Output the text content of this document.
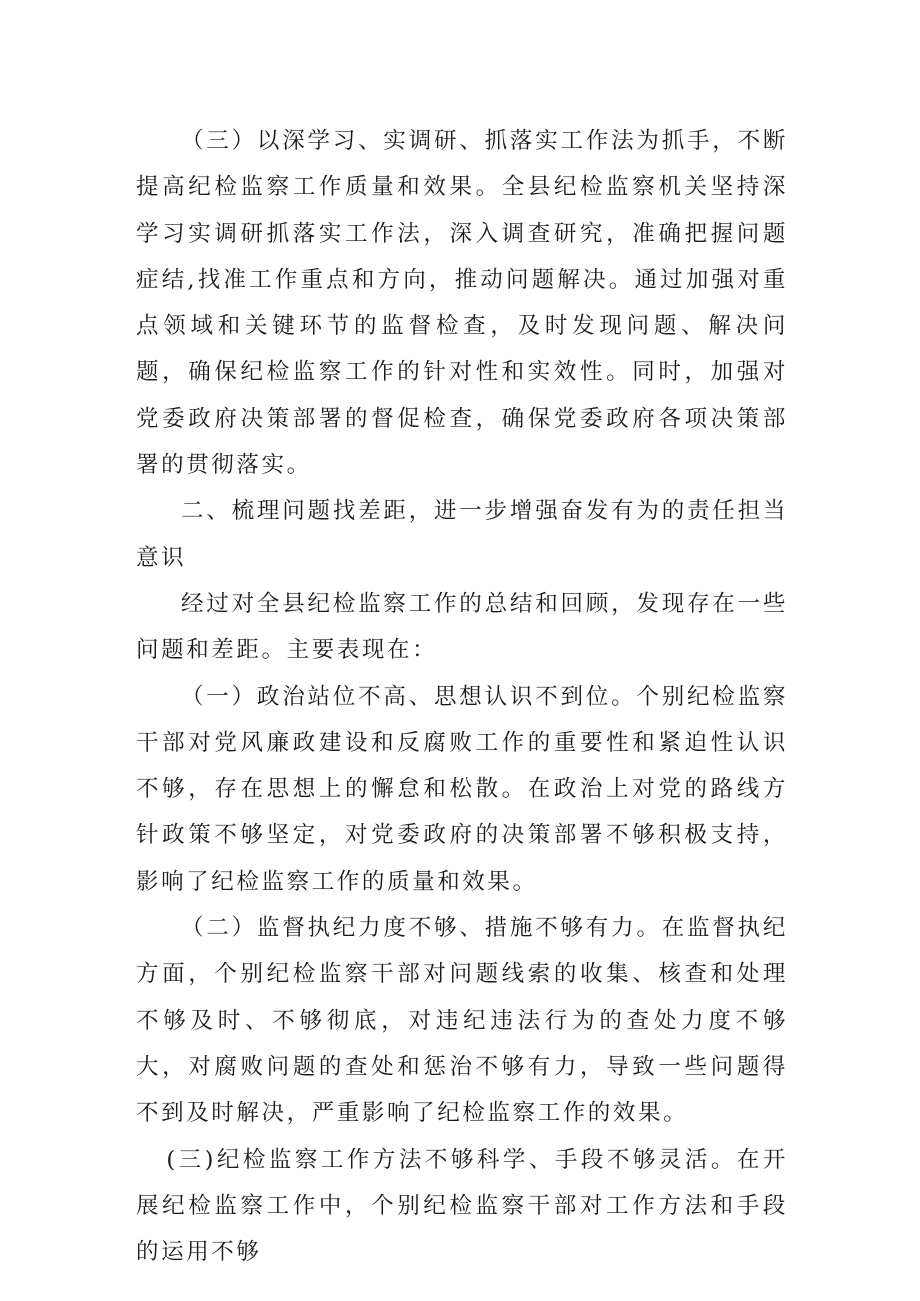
（三）以深学习、实调研、抓落实工作法为抓手，不断提高纪检监察工作质量和效果。全县纪检监察机关坚持深学习实调研抓落实工作法，深入调查研究，准确把握问题症结,找准工作重点和方向，推动问题解决。通过加强对重点领域和关键环节的监督检查，及时发现问题、解决问题，确保纪检监察工作的针对性和实效性。同时，加强对党委政府决策部署的督促检查，确保党委政府各项决策部署的贯彻落实。

二、梳理问题找差距，进一步增强奋发有为的责任担当意识

经过对全县纪检监察工作的总结和回顾，发现存在一些问题和差距。主要表现在：

（一）政治站位不高、思想认识不到位。个别纪检监察干部对党风廉政建设和反腐败工作的重要性和紧迫性认识不够，存在思想上的懈怠和松散。在政治上对党的路线方针政策不够坚定，对党委政府的决策部署不够积极支持，影响了纪检监察工作的质量和效果。

（二）监督执纪力度不够、措施不够有力。在监督执纪方面，个别纪检监察干部对问题线索的收集、核查和处理不够及时、不够彻底，对违纪违法行为的查处力度不够大，对腐败问题的查处和惩治不够有力，导致一些问题得不到及时解决，严重影响了纪检监察工作的效果。

(三)纪检监察工作方法不够科学、手段不够灵活。在开展纪检监察工作中，个别纪检监察干部对工作方法和手段的运用不够
